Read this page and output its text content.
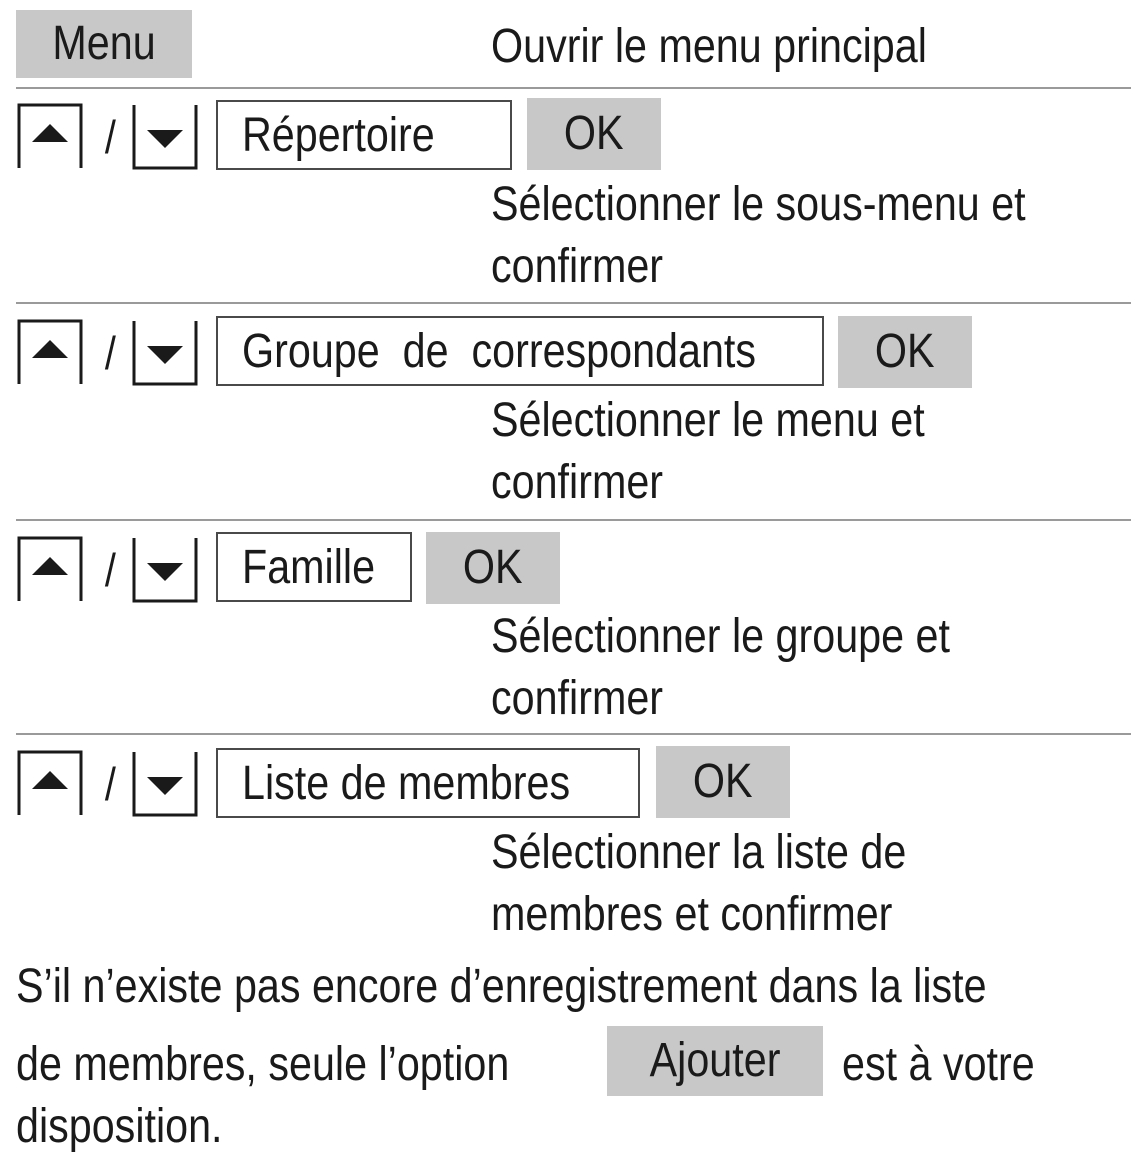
Menu	Ouvrir le menu principal
/	Répertoire	OK
Sélectionner le sous-menu et
confirmer
/	Groupe  de  correspondants OK
Sélectionner le menu et
confirmer
/	Famille OK
Sélectionner le groupe et
confirmer
/	Liste de membres	OK
Sélectionner la liste de
membres et confirmer
S’il n’existe pas encore d’enregistrement dans la liste
de membres, seule l’option	Ajouter est à votre
disposition.
